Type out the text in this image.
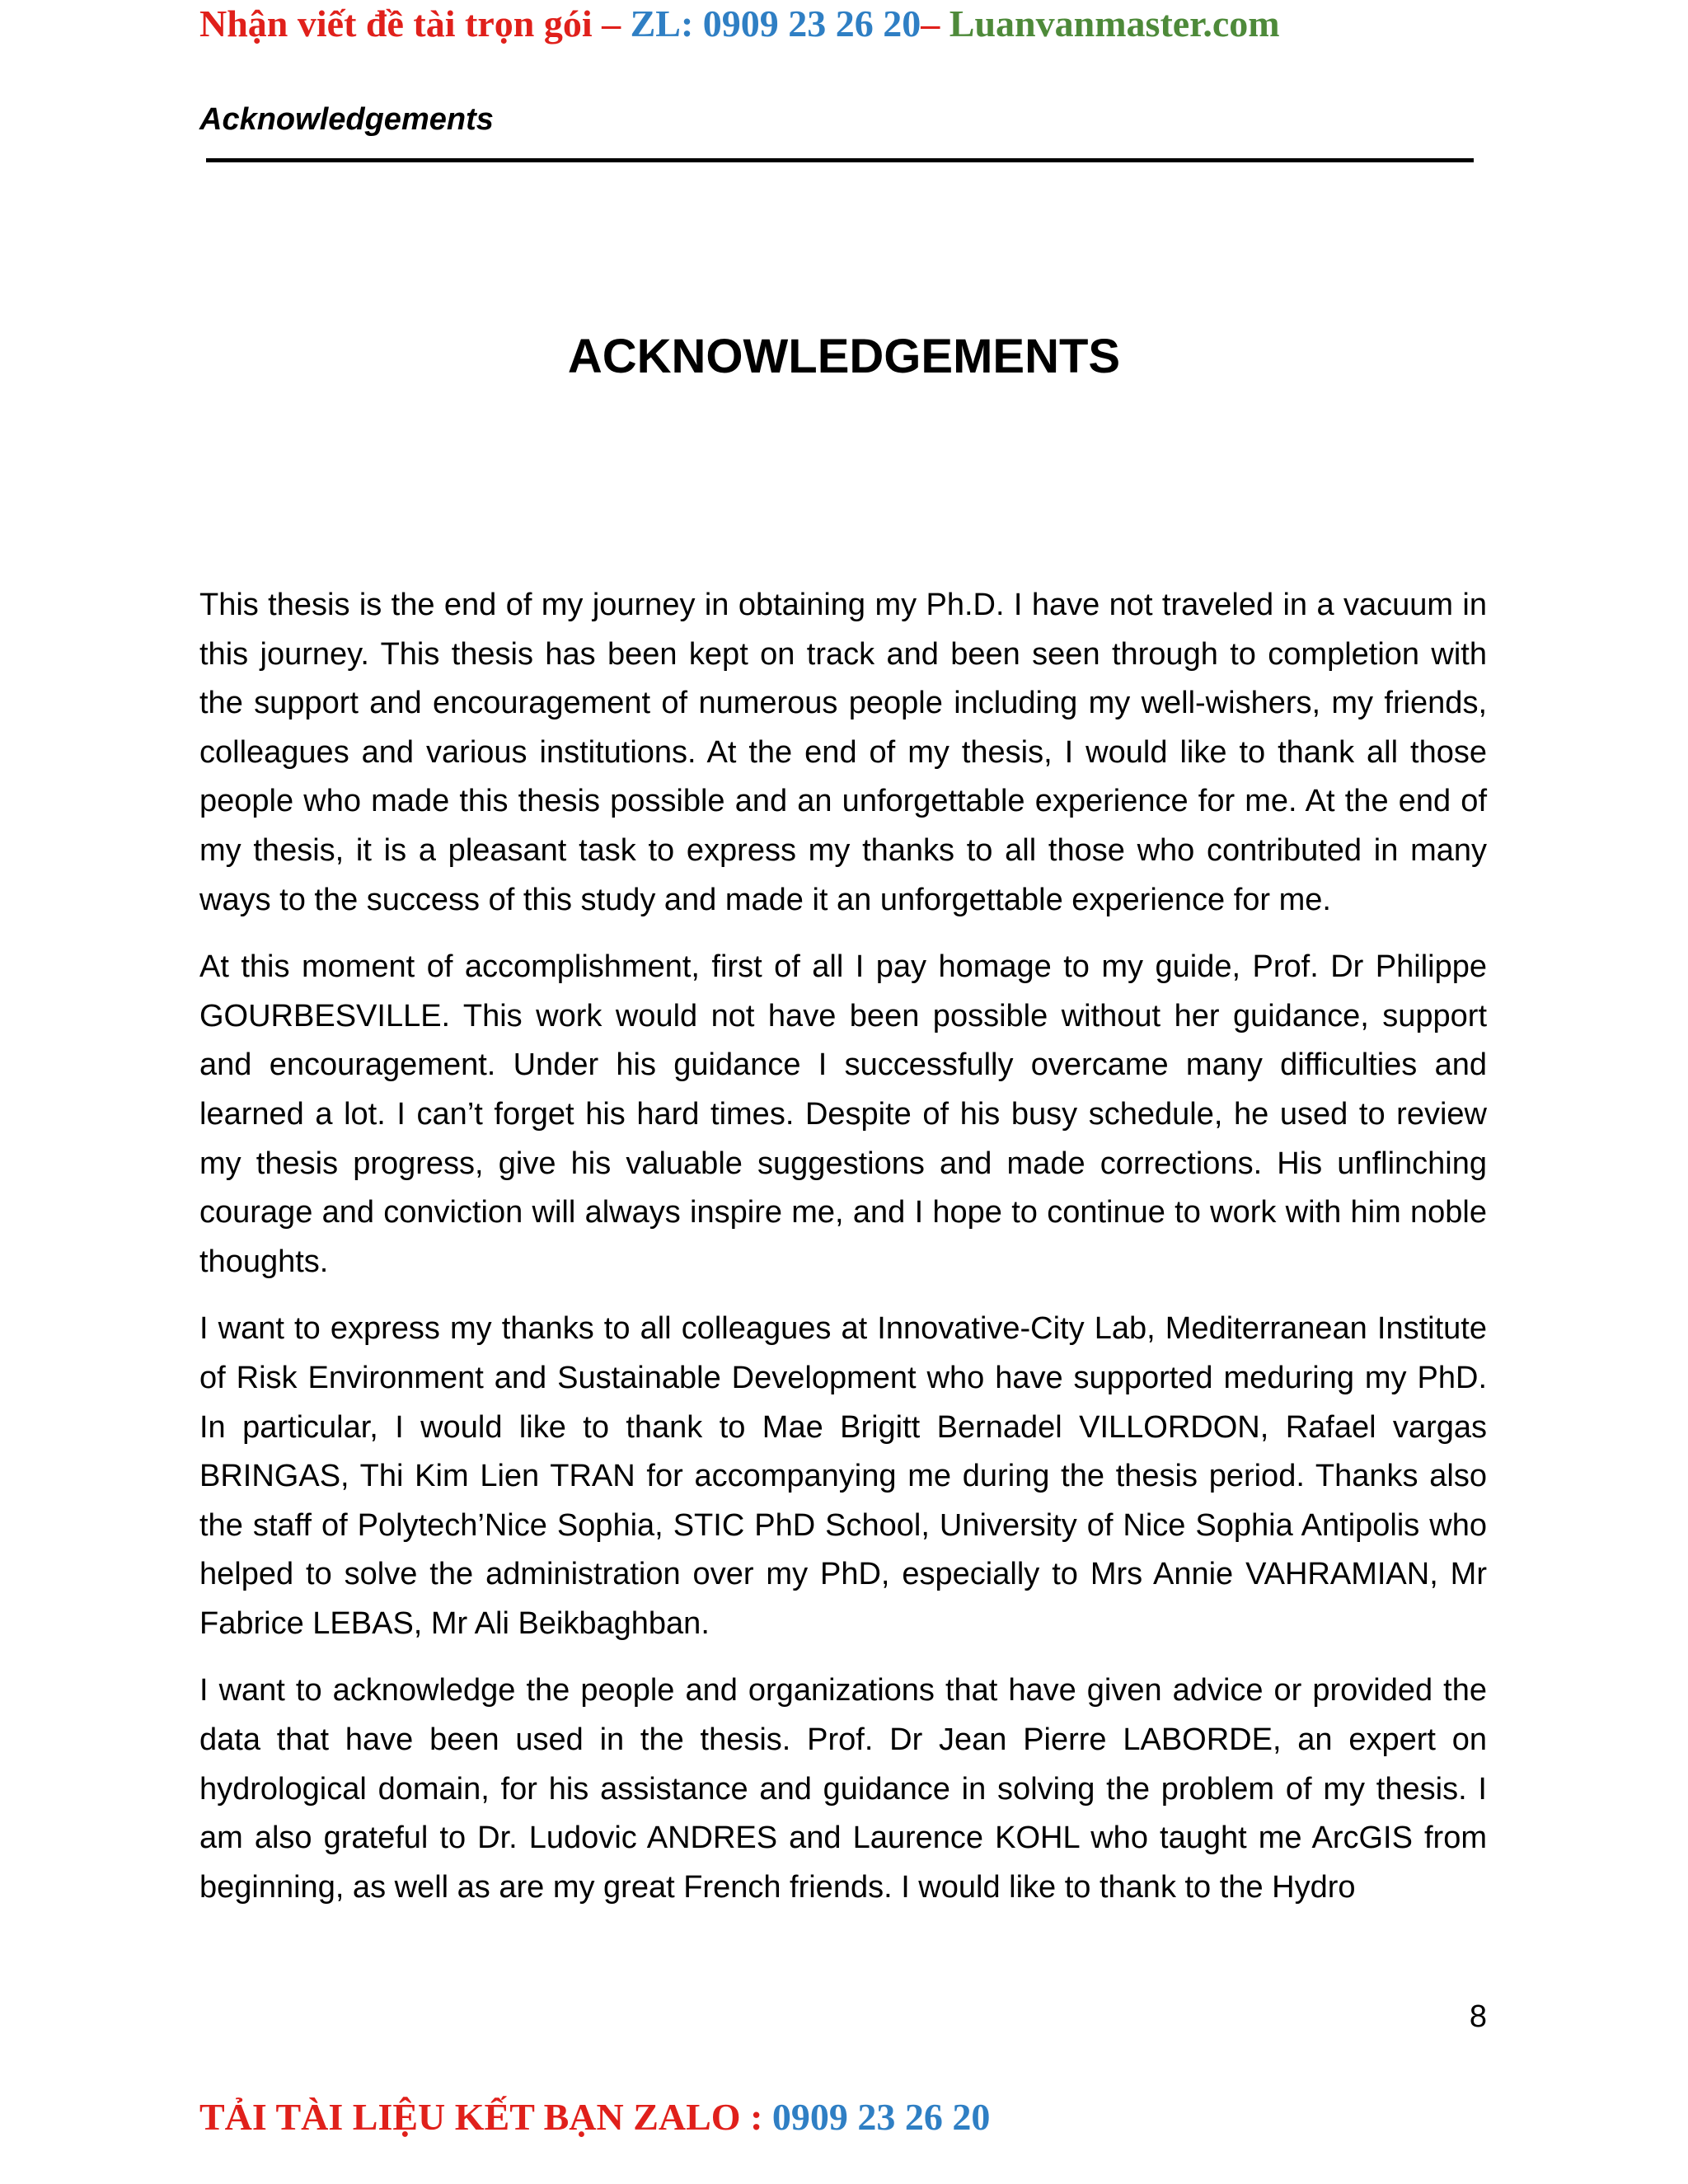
Nhận viết đề tài trọn gói – ZL: 0909 23 26 20– Luanvanmaster.com
Acknowledgements
ACKNOWLEDGEMENTS

This thesis is the end of my journey in obtaining my Ph.D. I have not traveled in a vacuum in this journey. This thesis has been kept on track and been seen through to completion with the support and encouragement of numerous people including my well-wishers, my friends, colleagues and various institutions. At the end of my thesis, I would like to thank all those people who made this thesis possible and an unforgettable experience for me. At the end of my thesis, it is a pleasant task to express my thanks to all those who contributed in many ways to the success of this study and made it an unforgettable experience for me.

At this moment of accomplishment, first of all I pay homage to my guide, Prof. Dr Philippe GOURBESVILLE. This work would not have been possible without her guidance, support and encouragement. Under his guidance I successfully overcame many difficulties and learned a lot. I can’t forget his hard times. Despite of his busy schedule, he used to review my thesis progress, give his valuable suggestions and made corrections. His unflinching courage and conviction will always inspire me, and I hope to continue to work with him noble thoughts.

I want to express my thanks to all colleagues at Innovative-City Lab, Mediterranean Institute of Risk Environment and Sustainable Development who have supported meduring my PhD. In particular, I would like to thank to Mae Brigitt Bernadel VILLORDON, Rafael vargas BRINGAS, Thi Kim Lien TRAN for accompanying me during the thesis period. Thanks also the staff of Polytech’Nice Sophia, STIC PhD School, University of Nice Sophia Antipolis who helped to solve the administration over my PhD, especially to Mrs Annie VAHRAMIAN, Mr Fabrice LEBAS, Mr Ali Beikbaghban.

I want to acknowledge the people and organizations that have given advice or provided the data that have been used in the thesis. Prof. Dr Jean Pierre LABORDE, an expert on hydrological domain, for his assistance and guidance in solving the problem of my thesis. I am also grateful to Dr. Ludovic ANDRES and Laurence KOHL who taught me ArcGIS from beginning, as well as are my great French friends. I would like to thank to the Hydro

8
TẢI TÀI LIỆU KẾT BẠN ZALO : 0909 23 26 20
